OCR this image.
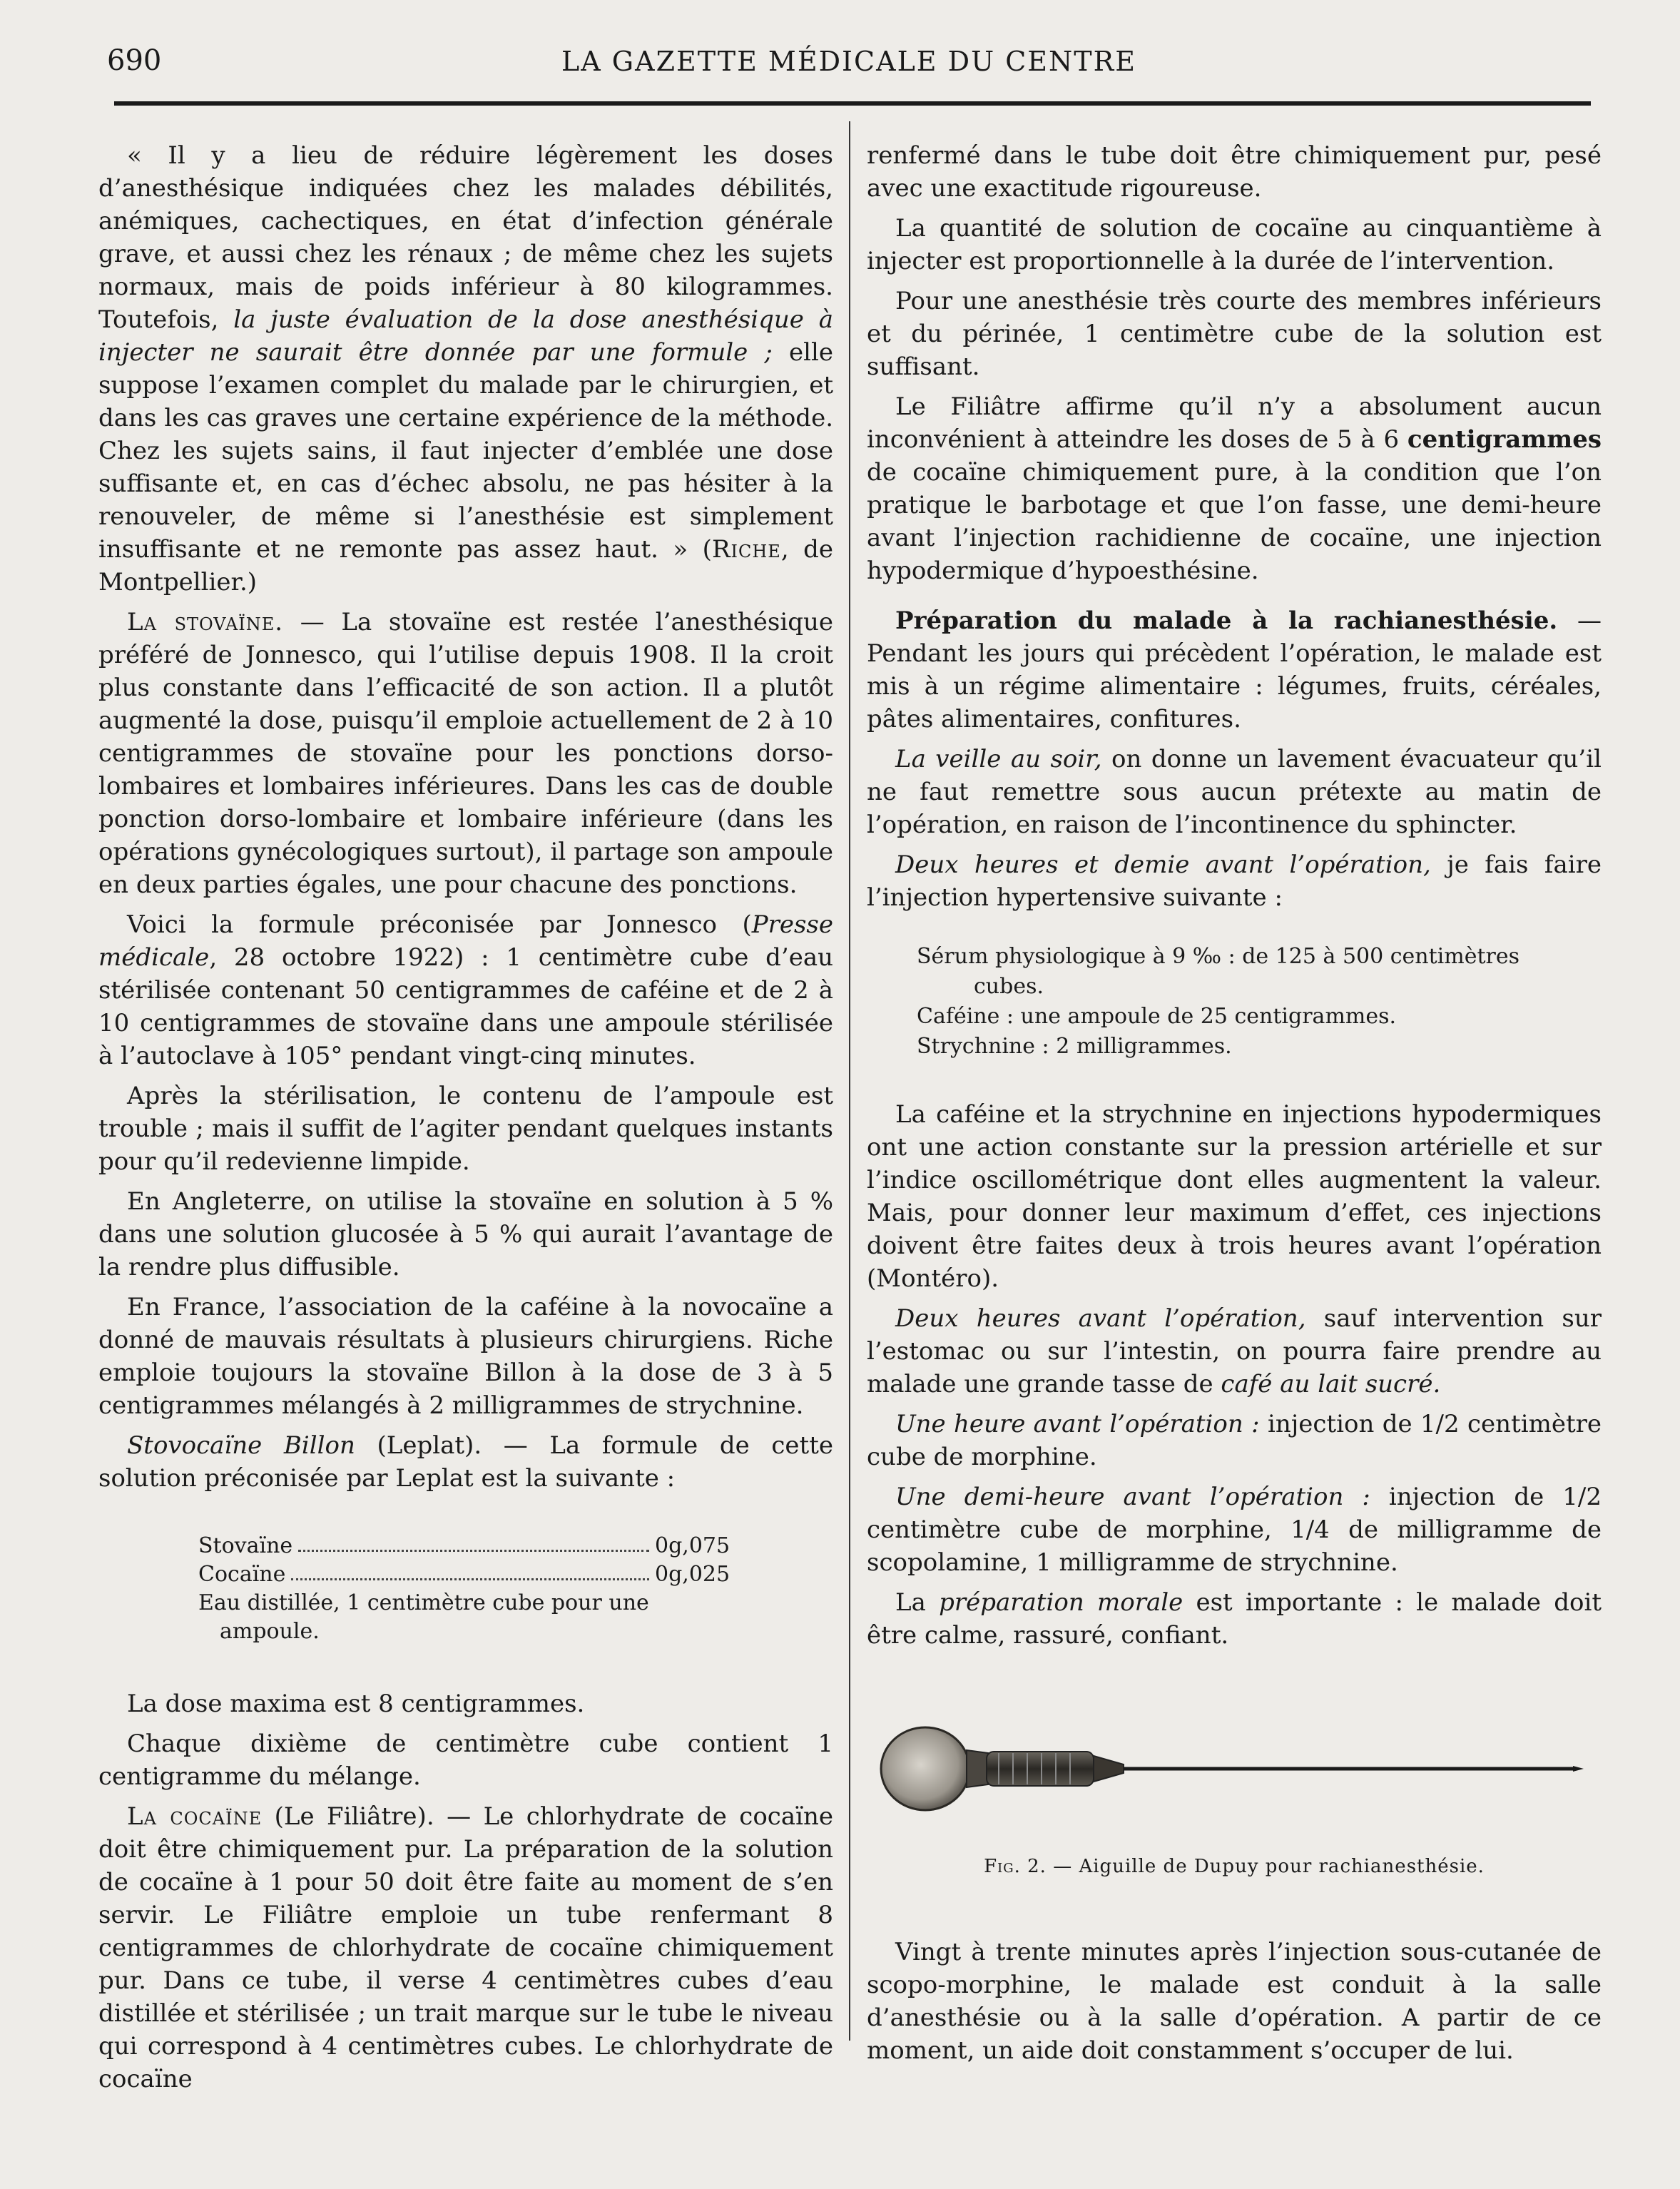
690	LA GAZETTE MÉDICALE DU CENTRE

« Il y a lieu de réduire légèrement les doses d’anesthésique indiquées chez les malades débilités, anémiques, cachectiques, en état d’infection générale grave, et aussi chez les rénaux ; de même chez les sujets normaux, mais de poids inférieur à 80 kilogrammes. Toutefois, la juste évaluation de la dose anesthésique à injecter ne saurait être donnée par une formule ; elle suppose l’examen complet du malade par le chirurgien, et dans les cas graves une certaine expérience de la méthode. Chez les sujets sains, il faut injecter d’emblée une dose suffisante et, en cas d’échec absolu, ne pas hésiter à la renouveler, de même si l’anesthésie est simplement insuffisante et ne remonte pas assez haut. » (Riche, de Montpellier.)

La stovaïne. — La stovaïne est restée l’anesthésique préféré de Jonnesco, qui l’utilise depuis 1908. Il la croit plus constante dans l’efficacité de son action. Il a plutôt augmenté la dose, puisqu’il emploie actuellement de 2 à 10 centigrammes de stovaïne pour les ponctions dorso-lombaires et lombaires inférieures. Dans les cas de double ponction dorso-lombaire et lombaire inférieure (dans les opérations gynécologiques surtout), il partage son ampoule en deux parties égales, une pour chacune des ponctions.

Voici la formule préconisée par Jonnesco (Presse médicale, 28 octobre 1922) : 1 centimètre cube d’eau stérilisée contenant 50 centigrammes de caféine et de 2 à 10 centigrammes de stovaïne dans une ampoule stérilisée à l’autoclave à 105° pendant vingt-cinq minutes.

Après la stérilisation, le contenu de l’ampoule est trouble ; mais il suffit de l’agiter pendant quelques instants pour qu’il redevienne limpide.

En Angleterre, on utilise la stovaïne en solution à 5 % dans une solution glucosée à 5 % qui aurait l’avantage de la rendre plus diffusible.

En France, l’association de la caféine à la novocaïne a donné de mauvais résultats à plusieurs chirurgiens. Riche emploie toujours la stovaïne Billon à la dose de 3 à 5 centigrammes mélangés à 2 milligrammes de strychnine.

Stovocaïne Billon (Leplat). — La formule de cette solution préconisée par Leplat est la suivante :

Stovaïne	0g,075
Cocaïne	0g,025
Eau distillée, 1 centimètre cube pour une
ampoule.

La dose maxima est 8 centigrammes.

Chaque dixième de centimètre cube contient 1 centigramme du mélange.

La cocaïne (Le Filiâtre). — Le chlorhydrate de cocaïne doit être chimiquement pur. La préparation de la solution de cocaïne à 1 pour 50 doit être faite au moment de s’en servir. Le Filiâtre emploie un tube renfermant 8 centigrammes de chlorhydrate de cocaïne chimiquement pur. Dans ce tube, il verse 4 centimètres cubes d’eau distillée et stérilisée ; un trait marque sur le tube le niveau qui correspond à 4 centimètres cubes. Le chlorhydrate de cocaïne

renfermé dans le tube doit être chimiquement pur, pesé avec une exactitude rigoureuse.

La quantité de solution de cocaïne au cinquantième à injecter est proportionnelle à la durée de l’intervention.

Pour une anesthésie très courte des membres inférieurs et du périnée, 1 centimètre cube de la solution est suffisant.

Le Filiâtre affirme qu’il n’y a absolument aucun inconvénient à atteindre les doses de 5 à 6 centigrammes de cocaïne chimiquement pure, à la condition que l’on pratique le barbotage et que l’on fasse, une demi-heure avant l’injection rachidienne de cocaïne, une injection hypodermique d’hypoesthésine.

Préparation du malade à la rachianesthésie. — Pendant les jours qui précèdent l’opération, le malade est mis à un régime alimentaire : légumes, fruits, céréales, pâtes alimentaires, confitures.

La veille au soir, on donne un lavement évacuateur qu’il ne faut remettre sous aucun prétexte au matin de l’opération, en raison de l’incontinence du sphincter.

Deux heures et demie avant l’opération, je fais faire l’injection hypertensive suivante :

Sérum physiologique à 9 ‰ : de 125 à 500 centimètres
cubes.
Caféine : une ampoule de 25 centigrammes.
Strychnine : 2 milligrammes.

La caféine et la strychnine en injections hypodermiques ont une action constante sur la pression artérielle et sur l’indice oscillométrique dont elles augmentent la valeur. Mais, pour donner leur maximum d’effet, ces injections doivent être faites deux à trois heures avant l’opération (Montéro).

Deux heures avant l’opération, sauf intervention sur l’estomac ou sur l’intestin, on pourra faire prendre au malade une grande tasse de café au lait sucré.

Une heure avant l’opération : injection de 1/2 centimètre cube de morphine.

Une demi-heure avant l’opération : injection de 1/2 centimètre cube de morphine, 1/4 de milligramme de scopolamine, 1 milligramme de strychnine.

La préparation morale est importante : le malade doit être calme, rassuré, confiant.

Fig. 2. — Aiguille de Dupuy pour rachianesthésie.

Vingt à trente minutes après l’injection sous-cutanée de scopo-morphine, le malade est conduit à la salle d’anesthésie ou à la salle d’opération. A partir de ce moment, un aide doit constamment s’occuper de lui.
